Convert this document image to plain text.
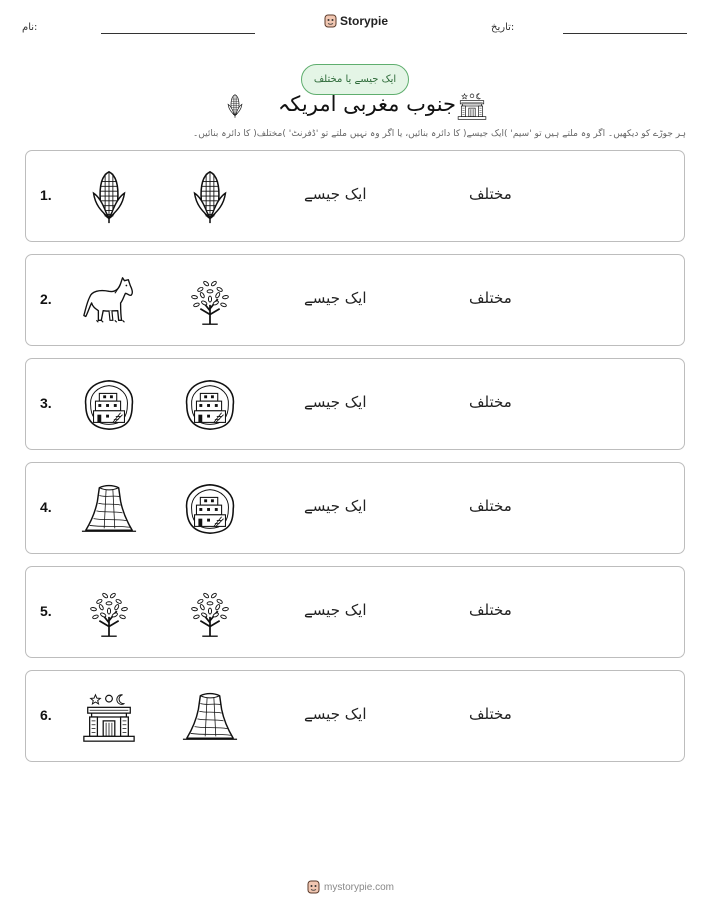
نام:	Storypie	تاریخ:
ایک جیسے یا مختلف
جنوب مغربی امریکہ
ہر جوڑے کو دیکھیں۔ اگر وہ ملتے ہیں تو 'سیم' )ایک جیسے( کا دائرہ بنائیں، یا اگر وہ نہیں ملتے تو 'ڈفرنٹ' )مختلف( کا دائرہ بنائیں۔
1.	ایک جیسے	مختلف
2.	ایک جیسے	مختلف
3.	ایک جیسے	مختلف
4.	ایک جیسے	مختلف
5.	ایک جیسے	مختلف
6.	ایک جیسے	مختلف
mystorypie.com
